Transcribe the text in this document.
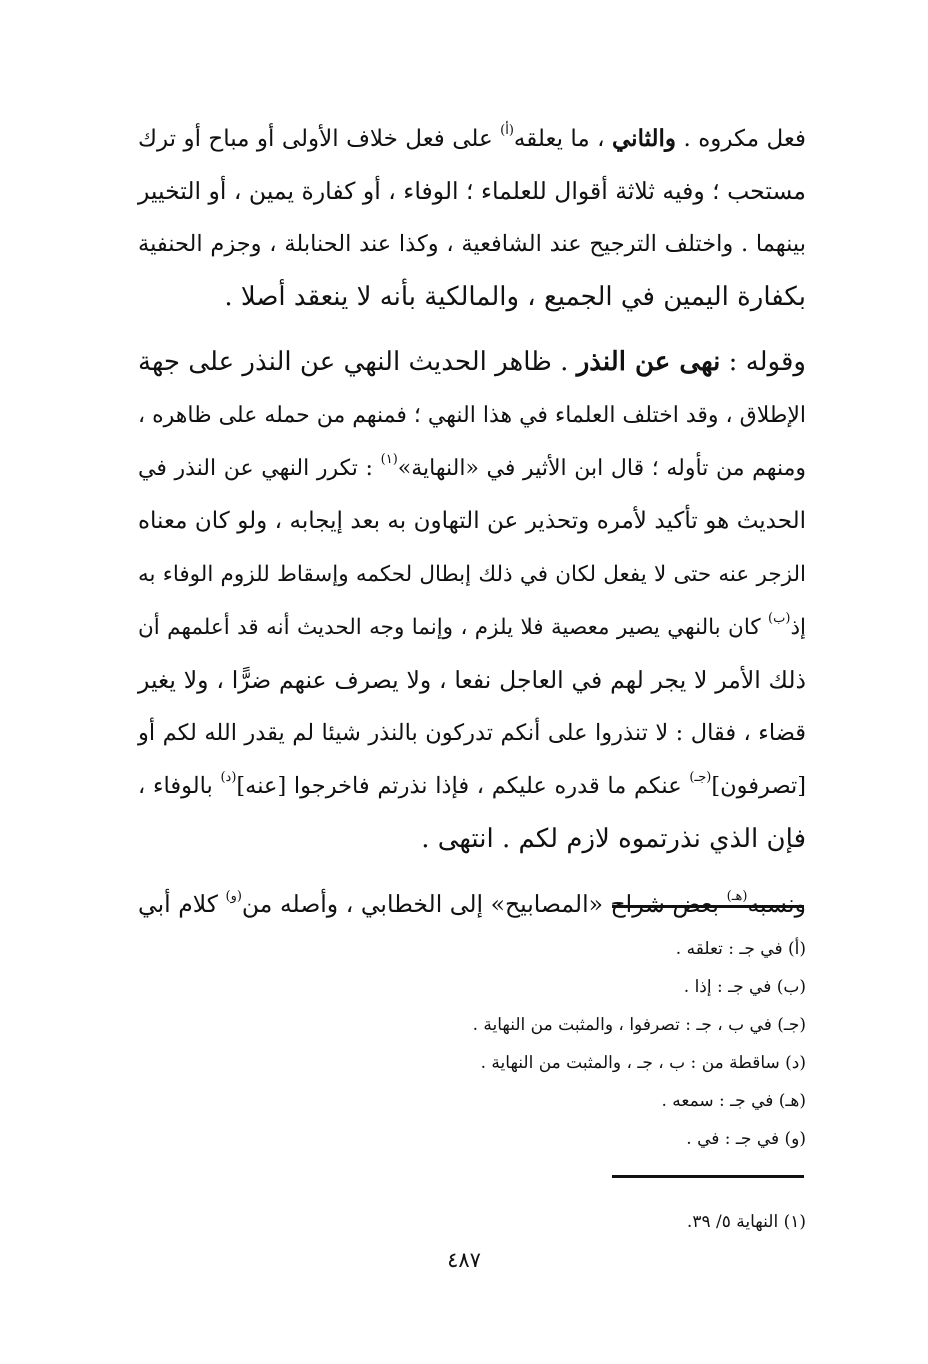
فعل مكروه . والثاني ، ما يعلقه$^{(أ)}$ على فعل خلاف الأولى أو مباح أو ترك
مستحب ؛ وفيه ثلاثة أقوال للعلماء ؛ الوفاء ، أو كفارة يمين ، أو التخيير
بينهما . واختلف الترجيح عند الشافعية ، وكذا عند الحنابلة ، وجزم الحنفية
بكفارة اليمين في الجميع ، والمالكية بأنه لا ينعقد أصلا .
وقوله : نهى عن النذر . ظاهر الحديث النهي عن النذر على جهة
الإطلاق ، وقد اختلف العلماء في هذا النهي ؛ فمنهم من حمله على ظاهره ،
ومنهم من تأوله ؛ قال ابن الأثير في «النهاية»$^{(١)}$ : تكرر النهي عن النذر في
الحديث هو تأكيد لأمره وتحذير عن التهاون به بعد إيجابه ، ولو كان معناه
الزجر عنه حتى لا يفعل لكان في ذلك إبطال لحكمه وإسقاط للزوم الوفاء به
إذ$^{(ب)}$ كان بالنهي يصير معصية فلا يلزم ، وإنما وجه الحديث أنه قد أعلمهم أن
ذلك الأمر لا يجر لهم في العاجل نفعا ، ولا يصرف عنهم ضرًّا ، ولا يغير
قضاء ، فقال : لا تنذروا على أنكم تدركون بالنذر شيئا لم يقدر الله لكم أو
[تصرفون]$^{(جـ)}$ عنكم ما قدره عليكم ، فإذا نذرتم فاخرجوا [عنه]$^{(د)}$ بالوفاء ،
فإن الذي نذرتموه لازم لكم . انتهى .
ونسبه$^{(هـ)}$ بعض شراح «المصابيح» إلى الخطابي ، وأصله من$^{(و)}$ كلام أبي
(أ) في جـ : تعلقه .
(ب) في جـ : إذا .
(جـ) في ب ، جـ : تصرفوا ، والمثبت من النهاية .
(د) ساقطة من : ب ، جـ ، والمثبت من النهاية .
(هـ) في جـ : سمعه .
(و) في جـ : في .
(١) النهاية ٥/ ٣٩.
٤٨٧
